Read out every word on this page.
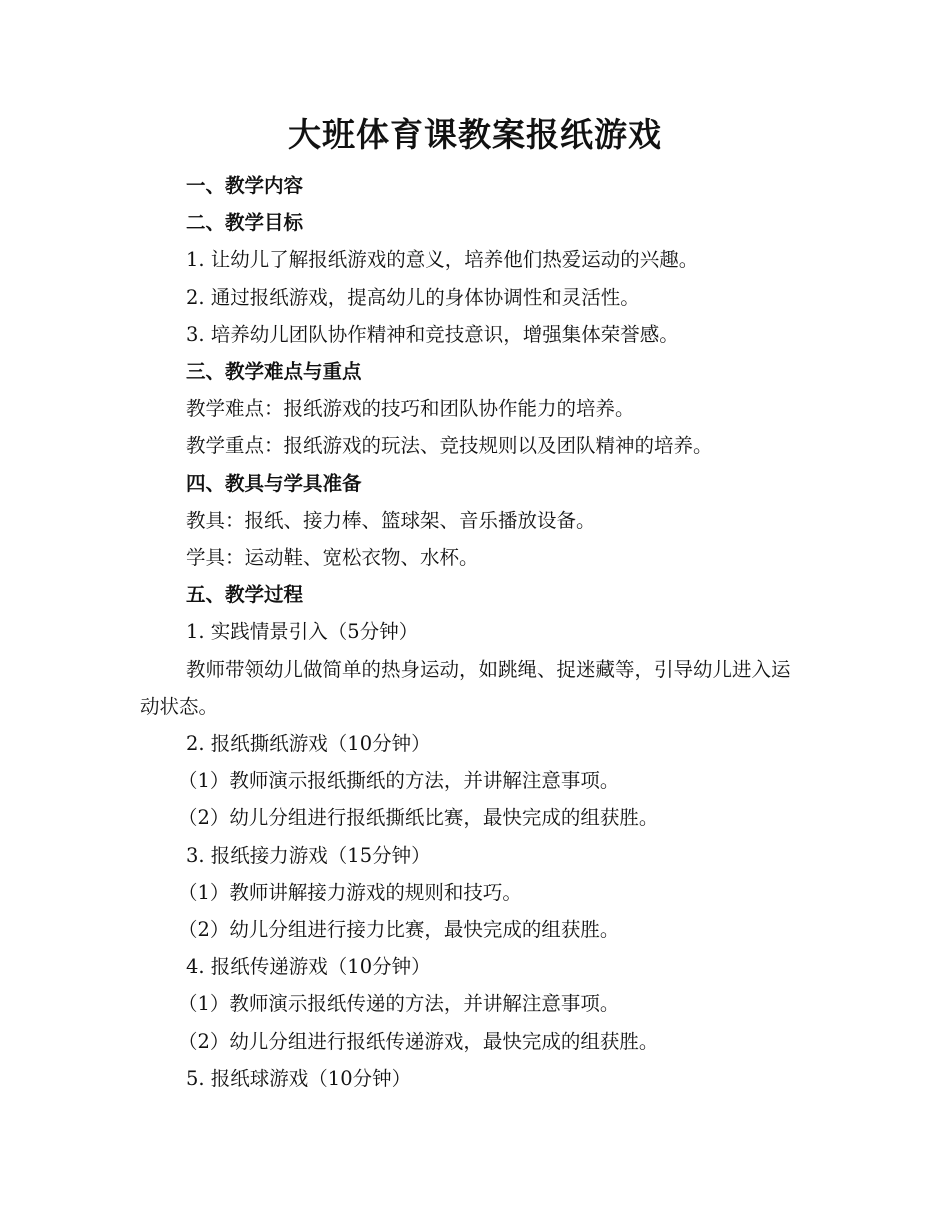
大班体育课教案报纸游戏

一、教学内容

二、教学目标

1. 让幼儿了解报纸游戏的意义，培养他们热爱运动的兴趣。

2. 通过报纸游戏，提高幼儿的身体协调性和灵活性。

3. 培养幼儿团队协作精神和竞技意识，增强集体荣誉感。

三、教学难点与重点

教学难点：报纸游戏的技巧和团队协作能力的培养。

教学重点：报纸游戏的玩法、竞技规则以及团队精神的培养。

四、教具与学具准备

教具：报纸、接力棒、篮球架、音乐播放设备。

学具：运动鞋、宽松衣物、水杯。

五、教学过程

1. 实践情景引入（5分钟）

教师带领幼儿做简单的热身运动，如跳绳、捉迷藏等，引导幼儿进入运动状态。

2. 报纸撕纸游戏（10分钟）

（1）教师演示报纸撕纸的方法，并讲解注意事项。

（2）幼儿分组进行报纸撕纸比赛，最快完成的组获胜。

3. 报纸接力游戏（15分钟）

（1）教师讲解接力游戏的规则和技巧。

（2）幼儿分组进行接力比赛，最快完成的组获胜。

4. 报纸传递游戏（10分钟）

（1）教师演示报纸传递的方法，并讲解注意事项。

（2）幼儿分组进行报纸传递游戏，最快完成的组获胜。

5. 报纸球游戏（10分钟）
